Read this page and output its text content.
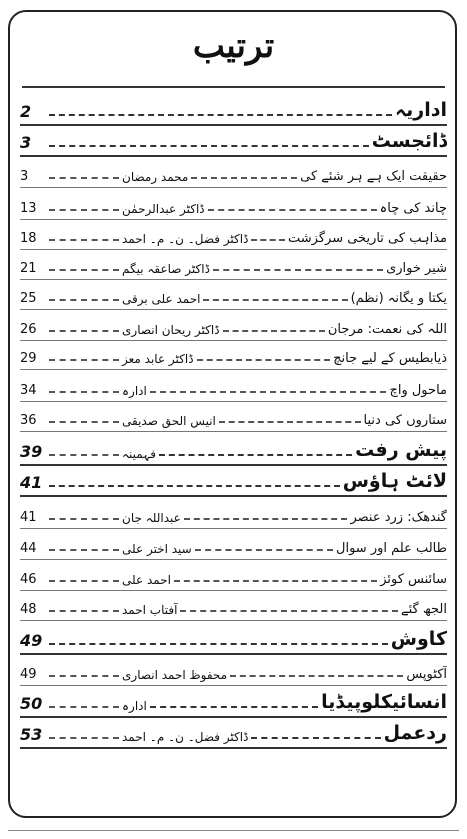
ترتیب
اداریہ
2
ڈائجسٹ
3
حقیقت ایک ہے ہر شئے کی
محمد رمضان
3
چاند کی چاہ
ڈاکٹر عبدالرحمٰن
13
مذاہب کی تاریخی سرگزشت
ڈاکٹر فضل۔ ن۔ م۔ احمد
18
شیر خواری
ڈاکٹر صاعقہ بیگم
21
یکتا و یگانہ (نظم)
احمد علی برقی
25
اللہ کی نعمت: مرجان
ڈاکٹر ریحان انصاری
26
ذیابطیس کے لیے جانچ
ڈاکٹر عابد معز
29
ماحول واچ
ادارہ
34
ستاروں کی دنیا
انیس الحق صدیقی
36
پیش رفت
فہمینہ
39
لائٹ ہاؤس
41
گندھک: زرد عنصر
عبداللہ جان
41
طالب علم اور سوال
سید اختر علی
44
سائنس کوئز
احمد علی
46
الجھ گئے
آفتاب احمد
48
کاوش
49
آکٹوپس
محفوظ احمد انصاری
49
انسائیکلوپیڈیا
ادارہ
50
ردعمل
ڈاکٹر فضل۔ ن۔ م۔ احمد
53
